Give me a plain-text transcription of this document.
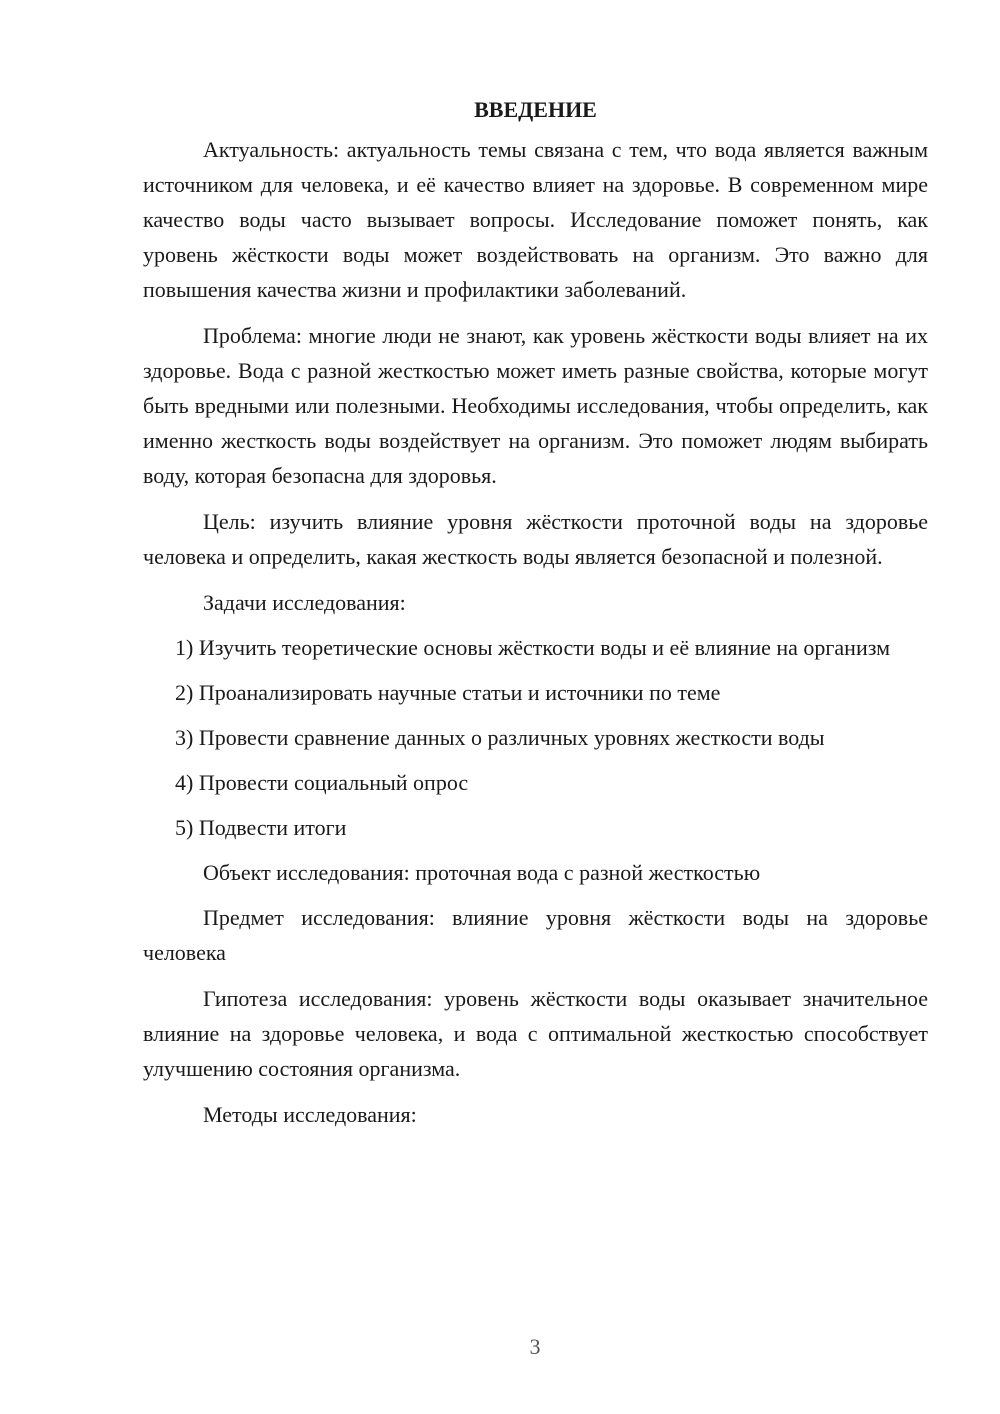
ВВЕДЕНИЕ

Актуальность: актуальность темы связана с тем, что вода является важным источником для человека, и её качество влияет на здоровье. В современном мире качество воды часто вызывает вопросы. Исследование поможет понять, как уровень жёсткости воды может воздействовать на организм. Это важно для повышения качества жизни и профилактики заболеваний.

Проблема: многие люди не знают, как уровень жёсткости воды влияет на их здоровье. Вода с разной жесткостью может иметь разные свойства, которые могут быть вредными или полезными. Необходимы исследования, чтобы определить, как именно жесткость воды воздействует на организм. Это поможет людям выбирать воду, которая безопасна для здоровья.

Цель: изучить влияние уровня жёсткости проточной воды на здоровье человека и определить, какая жесткость воды является безопасной и полезной.

Задачи исследования:

1) Изучить теоретические основы жёсткости воды и её влияние на организм

2) Проанализировать научные статьи и источники по теме

3) Провести сравнение данных о различных уровнях жесткости воды

4) Провести социальный опрос

5) Подвести итоги

Объект исследования: проточная вода с разной жесткостью

Предмет исследования: влияние уровня жёсткости воды на здоровье человека

Гипотеза исследования: уровень жёсткости воды оказывает значительное влияние на здоровье человека, и вода с оптимальной жесткостью способствует улучшению состояния организма.

Методы исследования:

3
